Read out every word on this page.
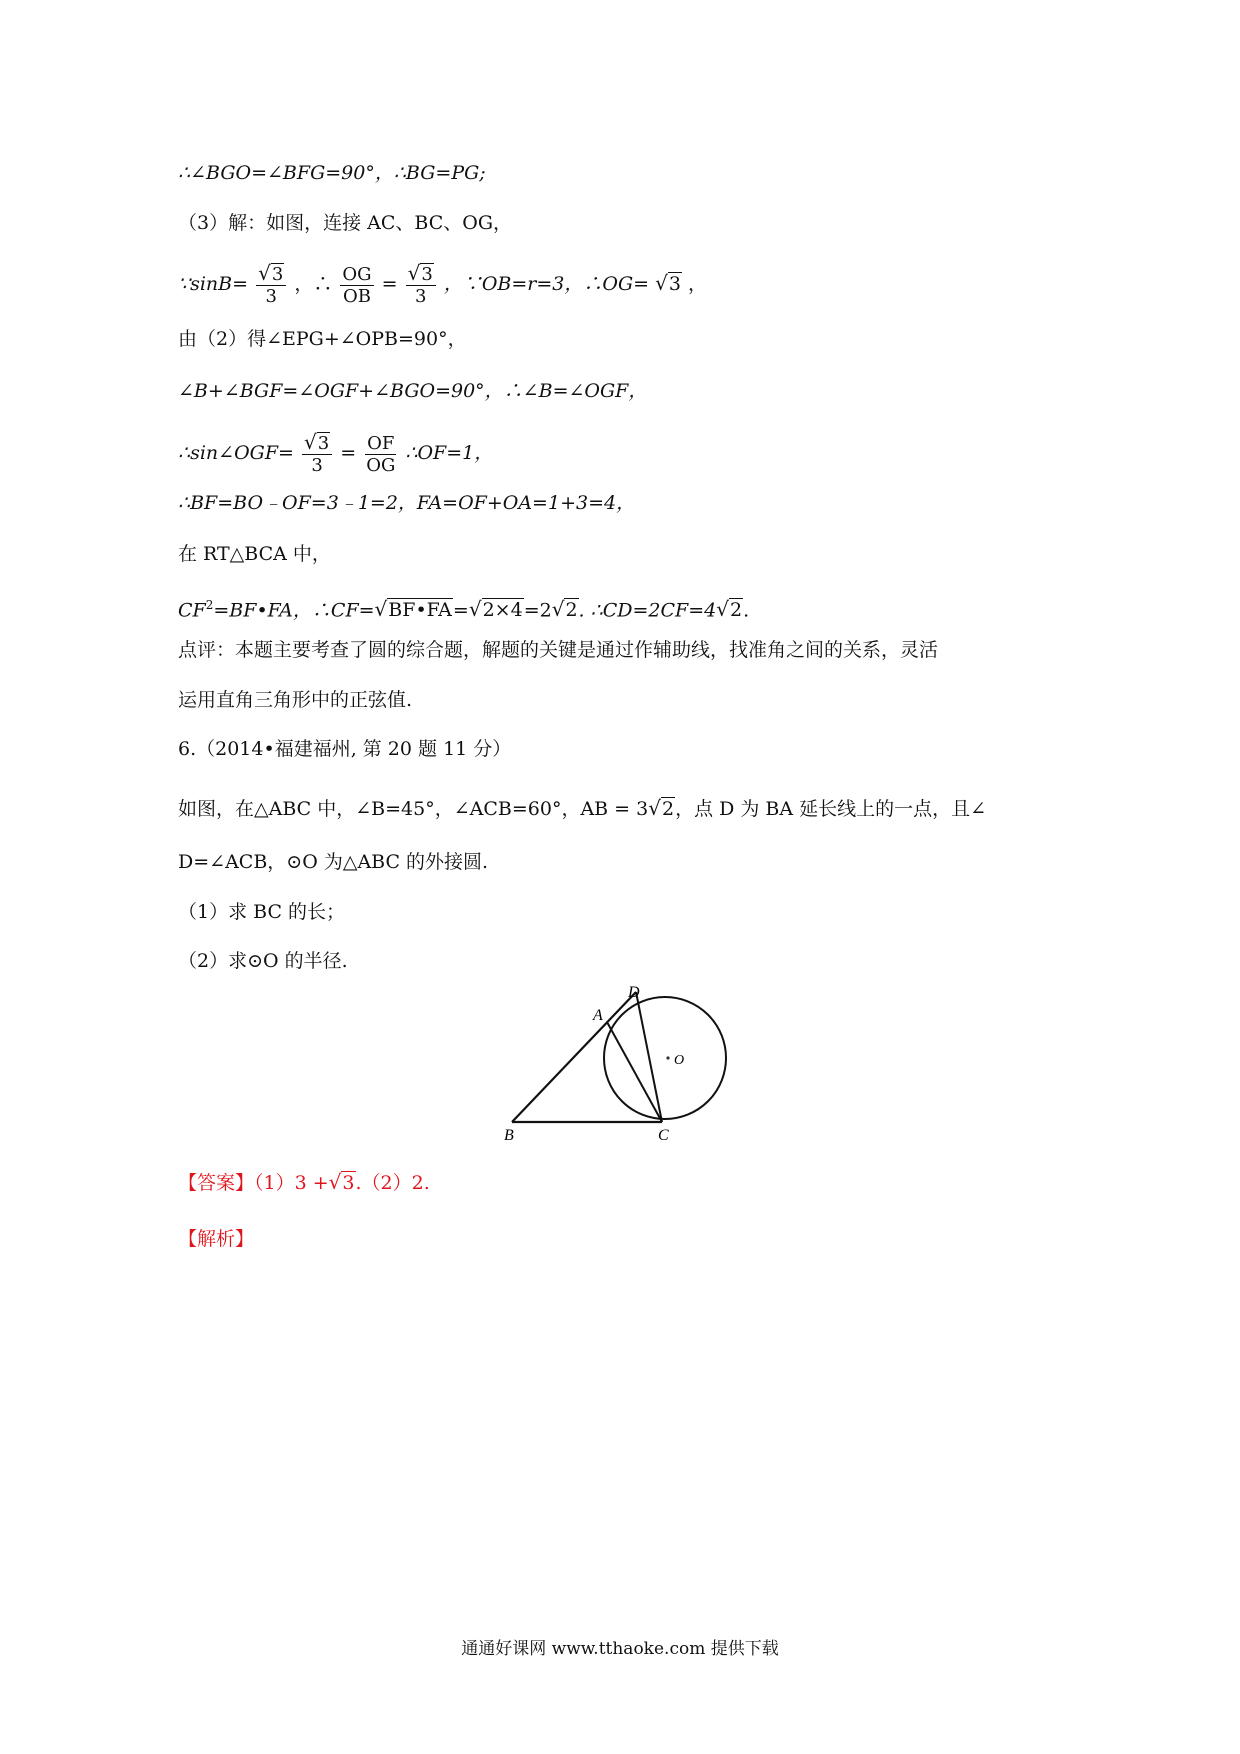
∴∠BGO=∠BFG=90°，∴BG=PG;
（3）解：如图，连接 AC、BC、OG，
∵sinB= $\frac{√3}{3}$ ，∴ $\frac{OG}{OB} = \frac{√3}{3}$ ，∵OB=r=3，∴OG= √3 ，
由（2）得∠EPG+∠OPB=90°，
∠B+∠BGF=∠OGF+∠BGO=90°，∴∠B=∠OGF，
∴sin∠OGF= $\frac{√3}{3} = \frac{OF}{OG}$ ∴OF=1，
∴BF=BO﹣OF=3﹣1=2，FA=OF+OA=1+3=4，
在 RT△BCA 中，
$CF^2=BF•FA$，∴CF=√BF•FA=√2×4=2√2. ∴CD=2CF=4√2.
点评：本题主要考查了圆的综合题，解题的关键是通过作辅助线，找准角之间的关系，灵活
运用直角三角形中的正弦值.
6.（2014•福建福州, 第 20 题 11 分）
如图，在△ABC 中，∠B=45°，∠ACB=60°，AB = 3√2，点 D 为 BA 延长线上的一点，且∠
D=∠ACB，⊙O 为△ABC 的外接圆.
（1）求 BC 的长；
（2）求⊙O 的半径.
D
A
O
B	C
【答案】（1）3 +√3.（2）2.
【解析】
通通好课网 www.tthaoke.com 提供下载
